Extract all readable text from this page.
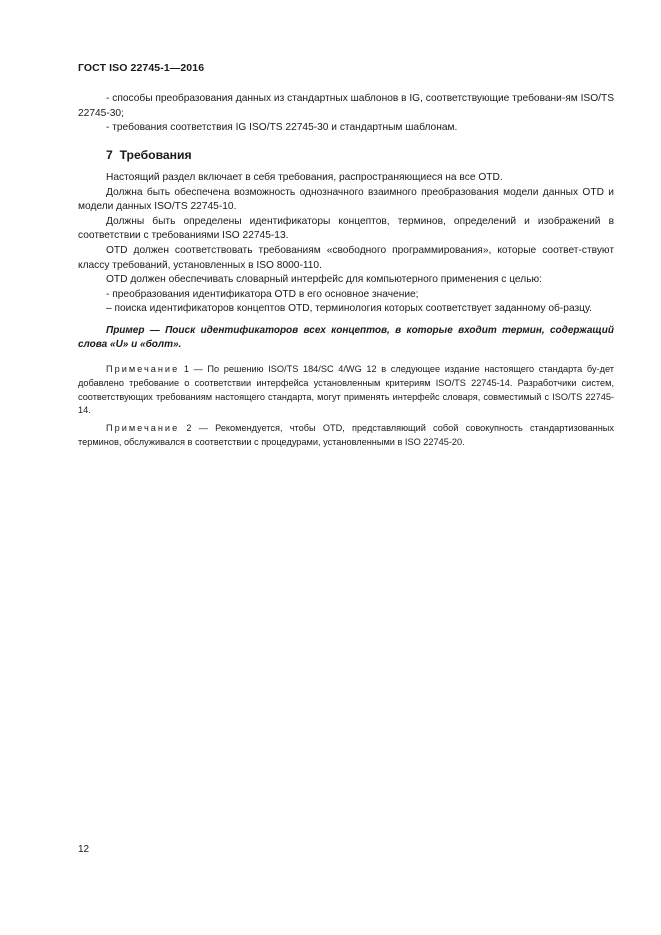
ГОСТ ISO 22745-1—2016

- способы преобразования данных из стандартных шаблонов в IG, соответствующие требовани-ям ISO/TS 22745-30;

- требования соответствия IG ISO/TS 22745-30 и стандартным шаблонам.

7 Требования

Настоящий раздел включает в себя требования, распространяющиеся на все OTD.

Должна быть обеспечена возможность однозначного взаимного преобразования модели данных OTD и модели данных ISO/TS 22745-10.

Должны быть определены идентификаторы концептов, терминов, определений и изображений в соответствии с требованиями ISO 22745-13.

OTD должен соответствовать требованиям «свободного программирования», которые соответ-ствуют классу требований, установленных в ISO 8000-110.

OTD должен обеспечивать словарный интерфейс для компьютерного применения с целью:

- преобразования идентификатора OTD в его основное значение;

– поиска идентификаторов концептов OTD, терминология которых соответствует заданному об-разцу.

Пример — Поиск идентификаторов всех концептов, в которые входит термин, содержащий слова «U» и «болт».

Примечание 1 — По решению ISO/TS 184/SC 4/WG 12 в следующее издание настоящего стандарта бу-дет добавлено требование о соответствии интерфейса установленным критериям ISO/TS 22745-14. Разработчики систем, соответствующих требованиям настоящего стандарта, могут применять интерфейс словаря, совместимый с ISO/TS 22745-14.

Примечание 2 — Рекомендуется, чтобы OTD, представляющий собой совокупность стандартизованных терминов, обслуживался в соответствии с процедурами, установленными в ISO 22745-20.

12
